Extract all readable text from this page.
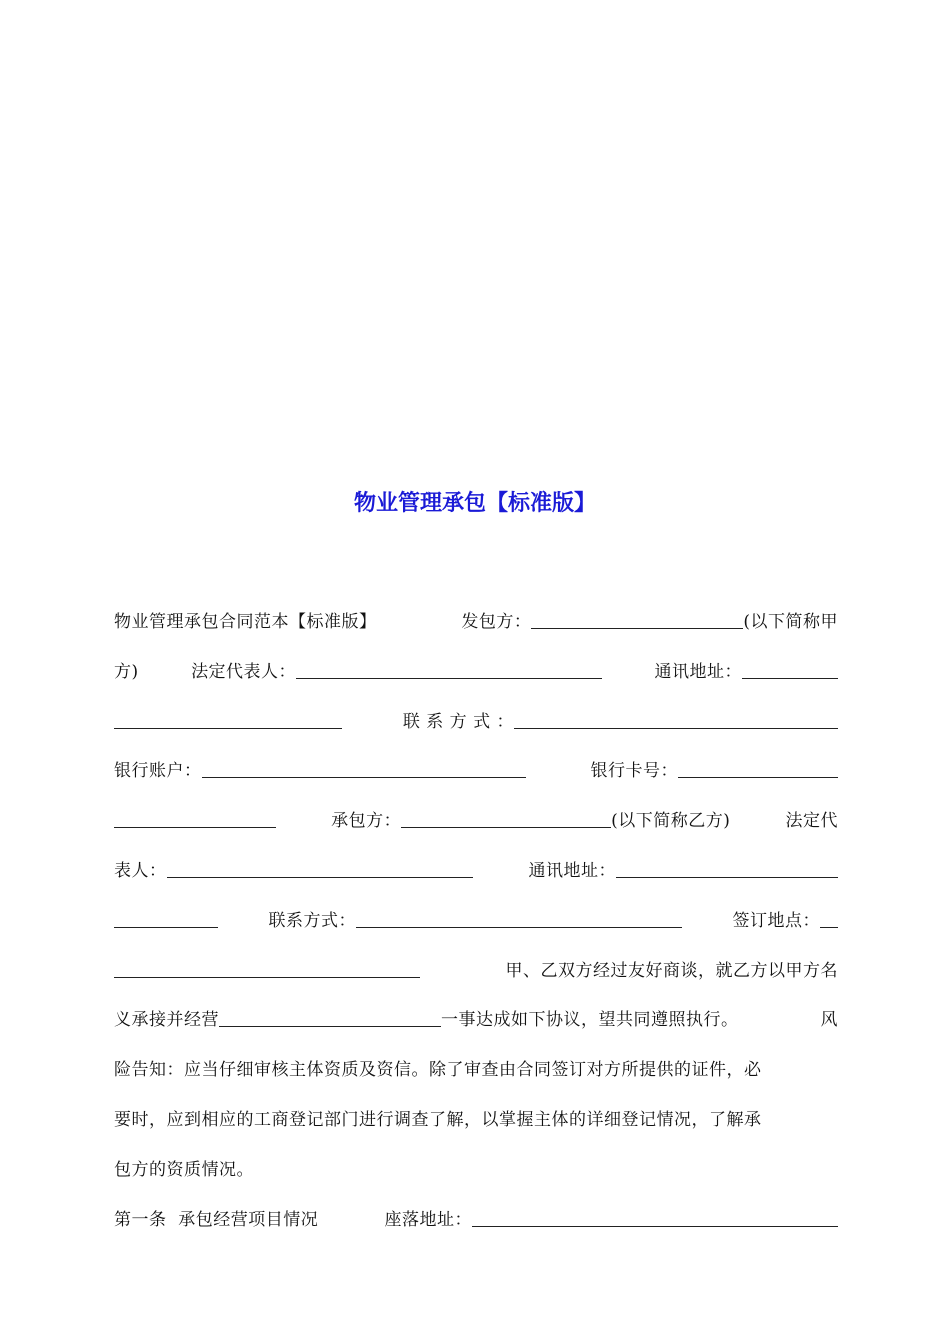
物业管理承包【标准版】
物业管理承包合同范本【标准版】	发包方：	(以下简称甲
方)	法定代表人：	通讯地址：
联 系 方 式 ：
银行账户：	银行卡号：
承包方：	(以下简称乙方)	法定代
表人：	通讯地址：
联系方式：	签订地点：
甲、乙双方经过友好商谈，就乙方以甲方名
义承接并经营	一事达成如下协议，望共同遵照执行。	风
险告知：应当仔细审核主体资质及资信。除了审查由合同签订对方所提供的证件，必
要时，应到相应的工商登记部门进行调查了解，以掌握主体的详细登记情况，了解承
包方的资质情况。
第一条  承包经营项目情况	座落地址：
